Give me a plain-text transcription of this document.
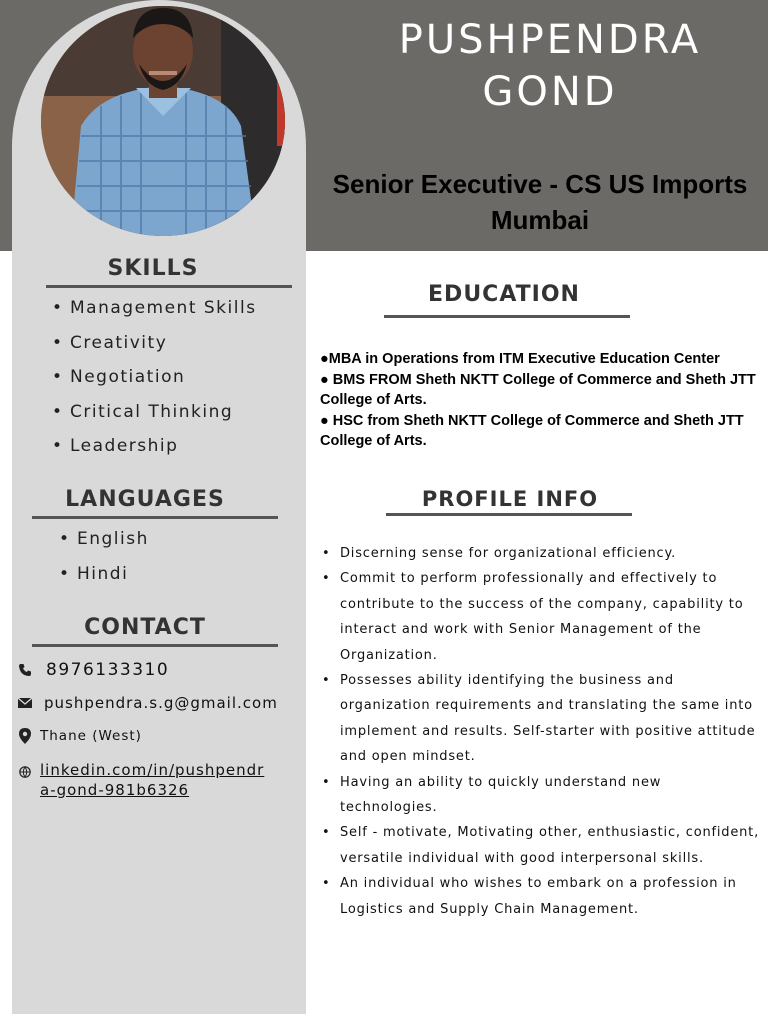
PUSHPENDRA
GOND
Senior Executive - CS US Imports
Mumbai
SKILLS
• Management Skills
• Creativity
• Negotiation
• Critical Thinking
• Leadership
LANGUAGES
• English
• Hindi
CONTACT
8976133310
pushpendra.s.g@gmail.com
Thane (West)
linkedin.com/in/pushpendr
a-gond-981b6326
EDUCATION
●MBA in Operations from ITM Executive Education Center
● BMS FROM Sheth NKTT College of Commerce and Sheth JTT College of Arts.
● HSC from Sheth NKTT College of Commerce and Sheth JTT College of Arts.
PROFILE INFO
• Discerning sense for organizational efficiency.
• Commit to perform professionally and effectively to contribute to the success of the company, capability to interact and work with Senior Management of the Organization.
• Possesses ability identifying the business and organization requirements and translating the same into implement and results. Self-starter with positive attitude and open mindset.
• Having an ability to quickly understand new technologies.
• Self - motivate, Motivating other, enthusiastic, confident, versatile individual with good interpersonal skills.
• An individual who wishes to embark on a profession in Logistics and Supply Chain Management.
